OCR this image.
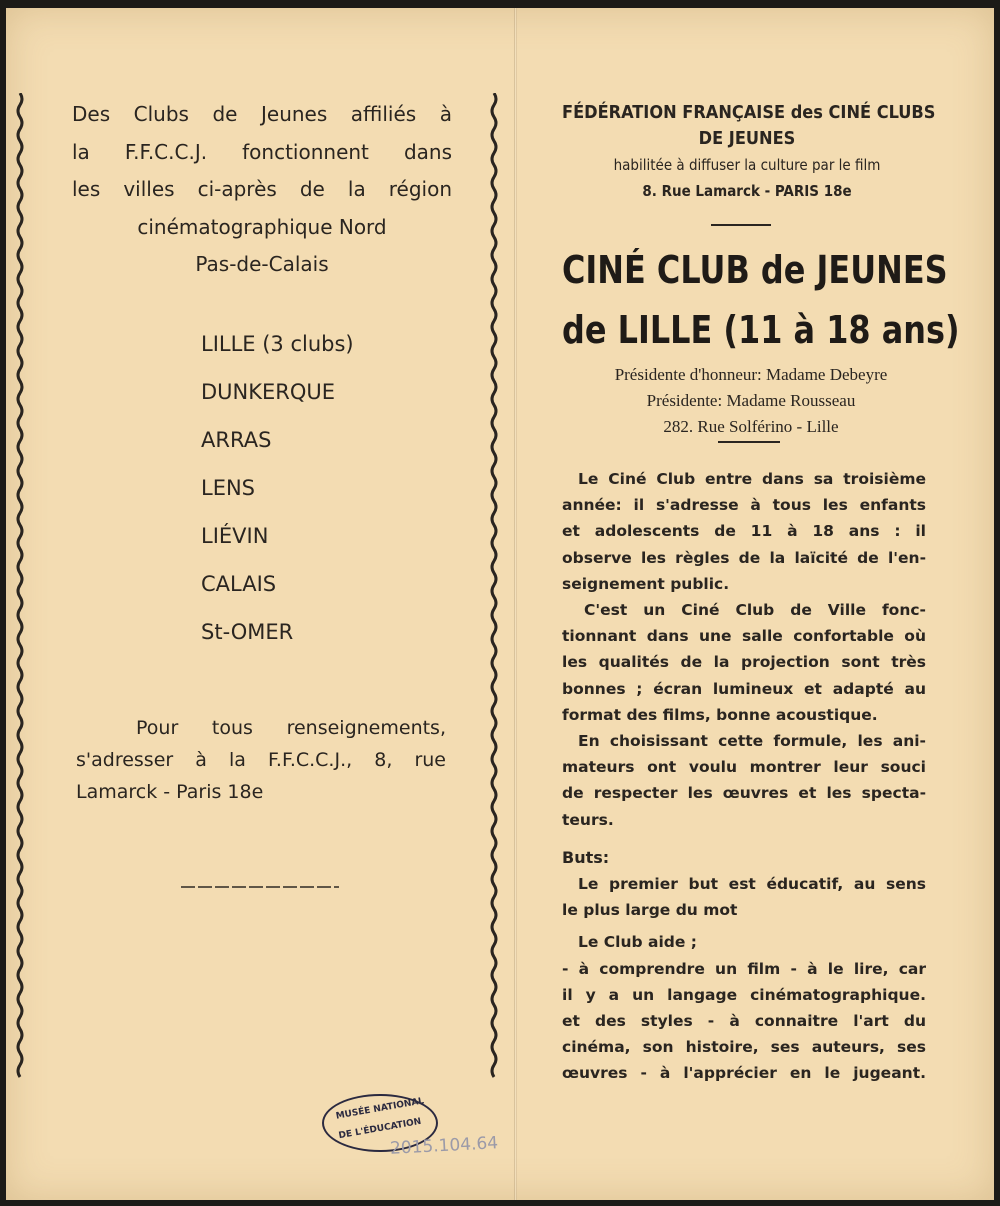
Des Clubs de Jeunes affiliés à
la F.F.C.C.J. fonctionnent dans
les villes ci-après de la région
cinématographique Nord
Pas-de-Calais

LILLE (3 clubs)
DUNKERQUE
ARRAS
LENS
LIÉVIN
CALAIS
St-OMER

Pour tous renseignements,
s'adresser à la F.F.C.C.J., 8, rue
Lamarck - Paris 18e

MUSÉE NATIONAL
DE L'ÉDUCATION
2015.104.64

FÉDÉRATION FRANÇAISE des CINÉ CLUBS
DE JEUNES
habilitée à diffuser la culture par le film
8. Rue Lamarck - PARIS 18e

CINÉ CLUB de JEUNES
de LILLE (11 à 18 ans)

Présidente d'honneur: Madame Debeyre
Présidente: Madame Rousseau
282. Rue Solférino - Lille

Le Ciné Club entre dans sa troisième
année: il s'adresse à tous les enfants
et adolescents de 11 à 18 ans : il
observe les règles de la laïcité de l'en-
seignement public.
C'est un Ciné Club de Ville fonc-
tionnant dans une salle confortable où
les qualités de la projection sont très
bonnes ; écran lumineux et adapté au
format des films, bonne acoustique.
En choisissant cette formule, les ani-
mateurs ont voulu montrer leur souci
de respecter les œuvres et les specta-
teurs.
Buts:
Le premier but est éducatif, au sens
le plus large du mot
Le Club aide ;
- à comprendre un film - à le lire, car
il y a un langage cinématographique.
et des styles - à connaitre l'art du
cinéma, son histoire, ses auteurs, ses
œuvres - à l'apprécier en le jugeant.
